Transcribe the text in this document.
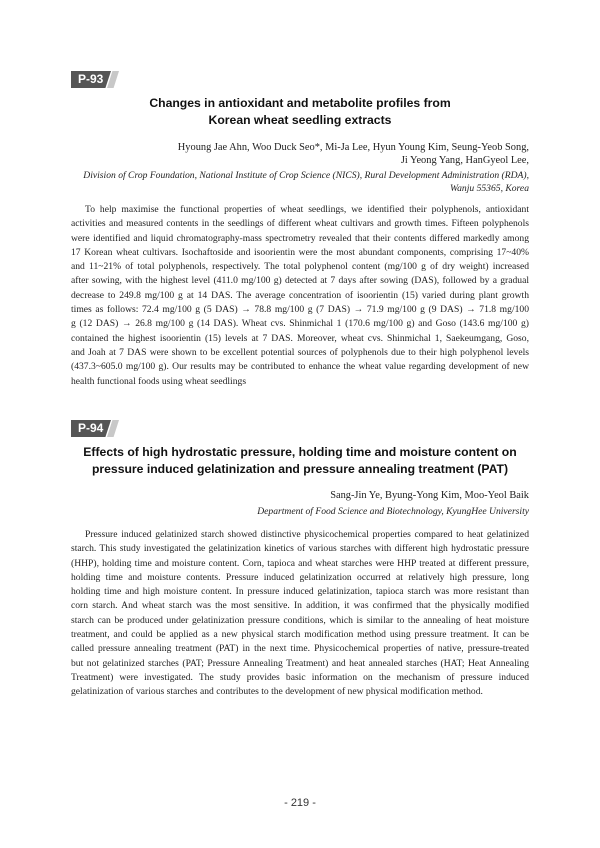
P-93
Changes in antioxidant and metabolite profiles from
Korean wheat seedling extracts
Hyoung Jae Ahn, Woo Duck Seo*, Mi-Ja Lee, Hyun Young Kim, Seung-Yeob Song,
Ji Yeong Yang, HanGyeol Lee,
Division of Crop Foundation, National Institute of Crop Science (NICS), Rural Development Administration (RDA),
Wanju 55365, Korea
To help maximise the functional properties of wheat seedlings, we identified their polyphenols, antioxidant
activities and measured contents in the seedlings of different wheat cultivars and growth times. Fifteen polyphenols
were identified and liquid chromatography-mass spectrometry revealed that their contents differed markedly among
17 Korean wheat cultivars. Isochaftoside and isoorientin were the most abundant components, comprising 17~40%
and 11~21% of total polyphenols, respectively. The total polyphenol content (mg/100 g of dry weight) increased
after sowing, with the highest level (411.0 mg/100 g) detected at 7 days after sowing (DAS), followed by a gradual
decrease to 249.8 mg/100 g at 14 DAS. The average concentration of isoorientin (15) varied during plant growth
times as follows: 72.4 mg/100 g (5 DAS) → 78.8 mg/100 g (7 DAS) → 71.9 mg/100 g (9 DAS) → 71.8 mg/100
g (12 DAS) → 26.8 mg/100 g (14 DAS). Wheat cvs. Shinmichal 1 (170.6 mg/100 g) and Goso (143.6 mg/100 g)
contained the highest isoorientin (15) levels at 7 DAS. Moreover, wheat cvs. Shinmichal 1, Saekeumgang, Goso,
and Joah at 7 DAS were shown to be excellent potential sources of polyphenols due to their high polyphenol levels
(437.3~605.0 mg/100 g). Our results may be contributed to enhance the wheat value regarding development of new
health functional foods using wheat seedlings
P-94
Effects of high hydrostatic pressure, holding time and moisture content on
pressure induced gelatinization and pressure annealing treatment (PAT)
Sang-Jin Ye, Byung-Yong Kim, Moo-Yeol Baik
Department of Food Science and Biotechnology, KyungHee University
Pressure induced gelatinized starch showed distinctive physicochemical properties compared to heat gelatinized
starch. This study investigated the gelatinization kinetics of various starches with different high hydrostatic pressure
(HHP), holding time and moisture content. Corn, tapioca and wheat starches were HHP treated at different pressure,
holding time and moisture contents. Pressure induced gelatinization occurred at relatively high pressure, long
holding time and high moisture content. In pressure induced gelatinization, tapioca starch was more resistant than
corn starch. And wheat starch was the most sensitive. In addition, it was confirmed that the physically modified
starch can be produced under gelatinization pressure conditions, which is similar to the annealing of heat moisture
treatment, and could be applied as a new physical starch modification method using pressure treatment. It can be
called pressure annealing treatment (PAT) in the next time. Physicochemical properties of native, pressure-treated
but not gelatinized starches (PAT; Pressure Annealing Treatment) and heat annealed starches (HAT; Heat Annealing
Treatment) were investigated. The study provides basic information on the mechanism of pressure induced
gelatinization of various starches and contributes to the development of new physical modification method.
- 219 -
